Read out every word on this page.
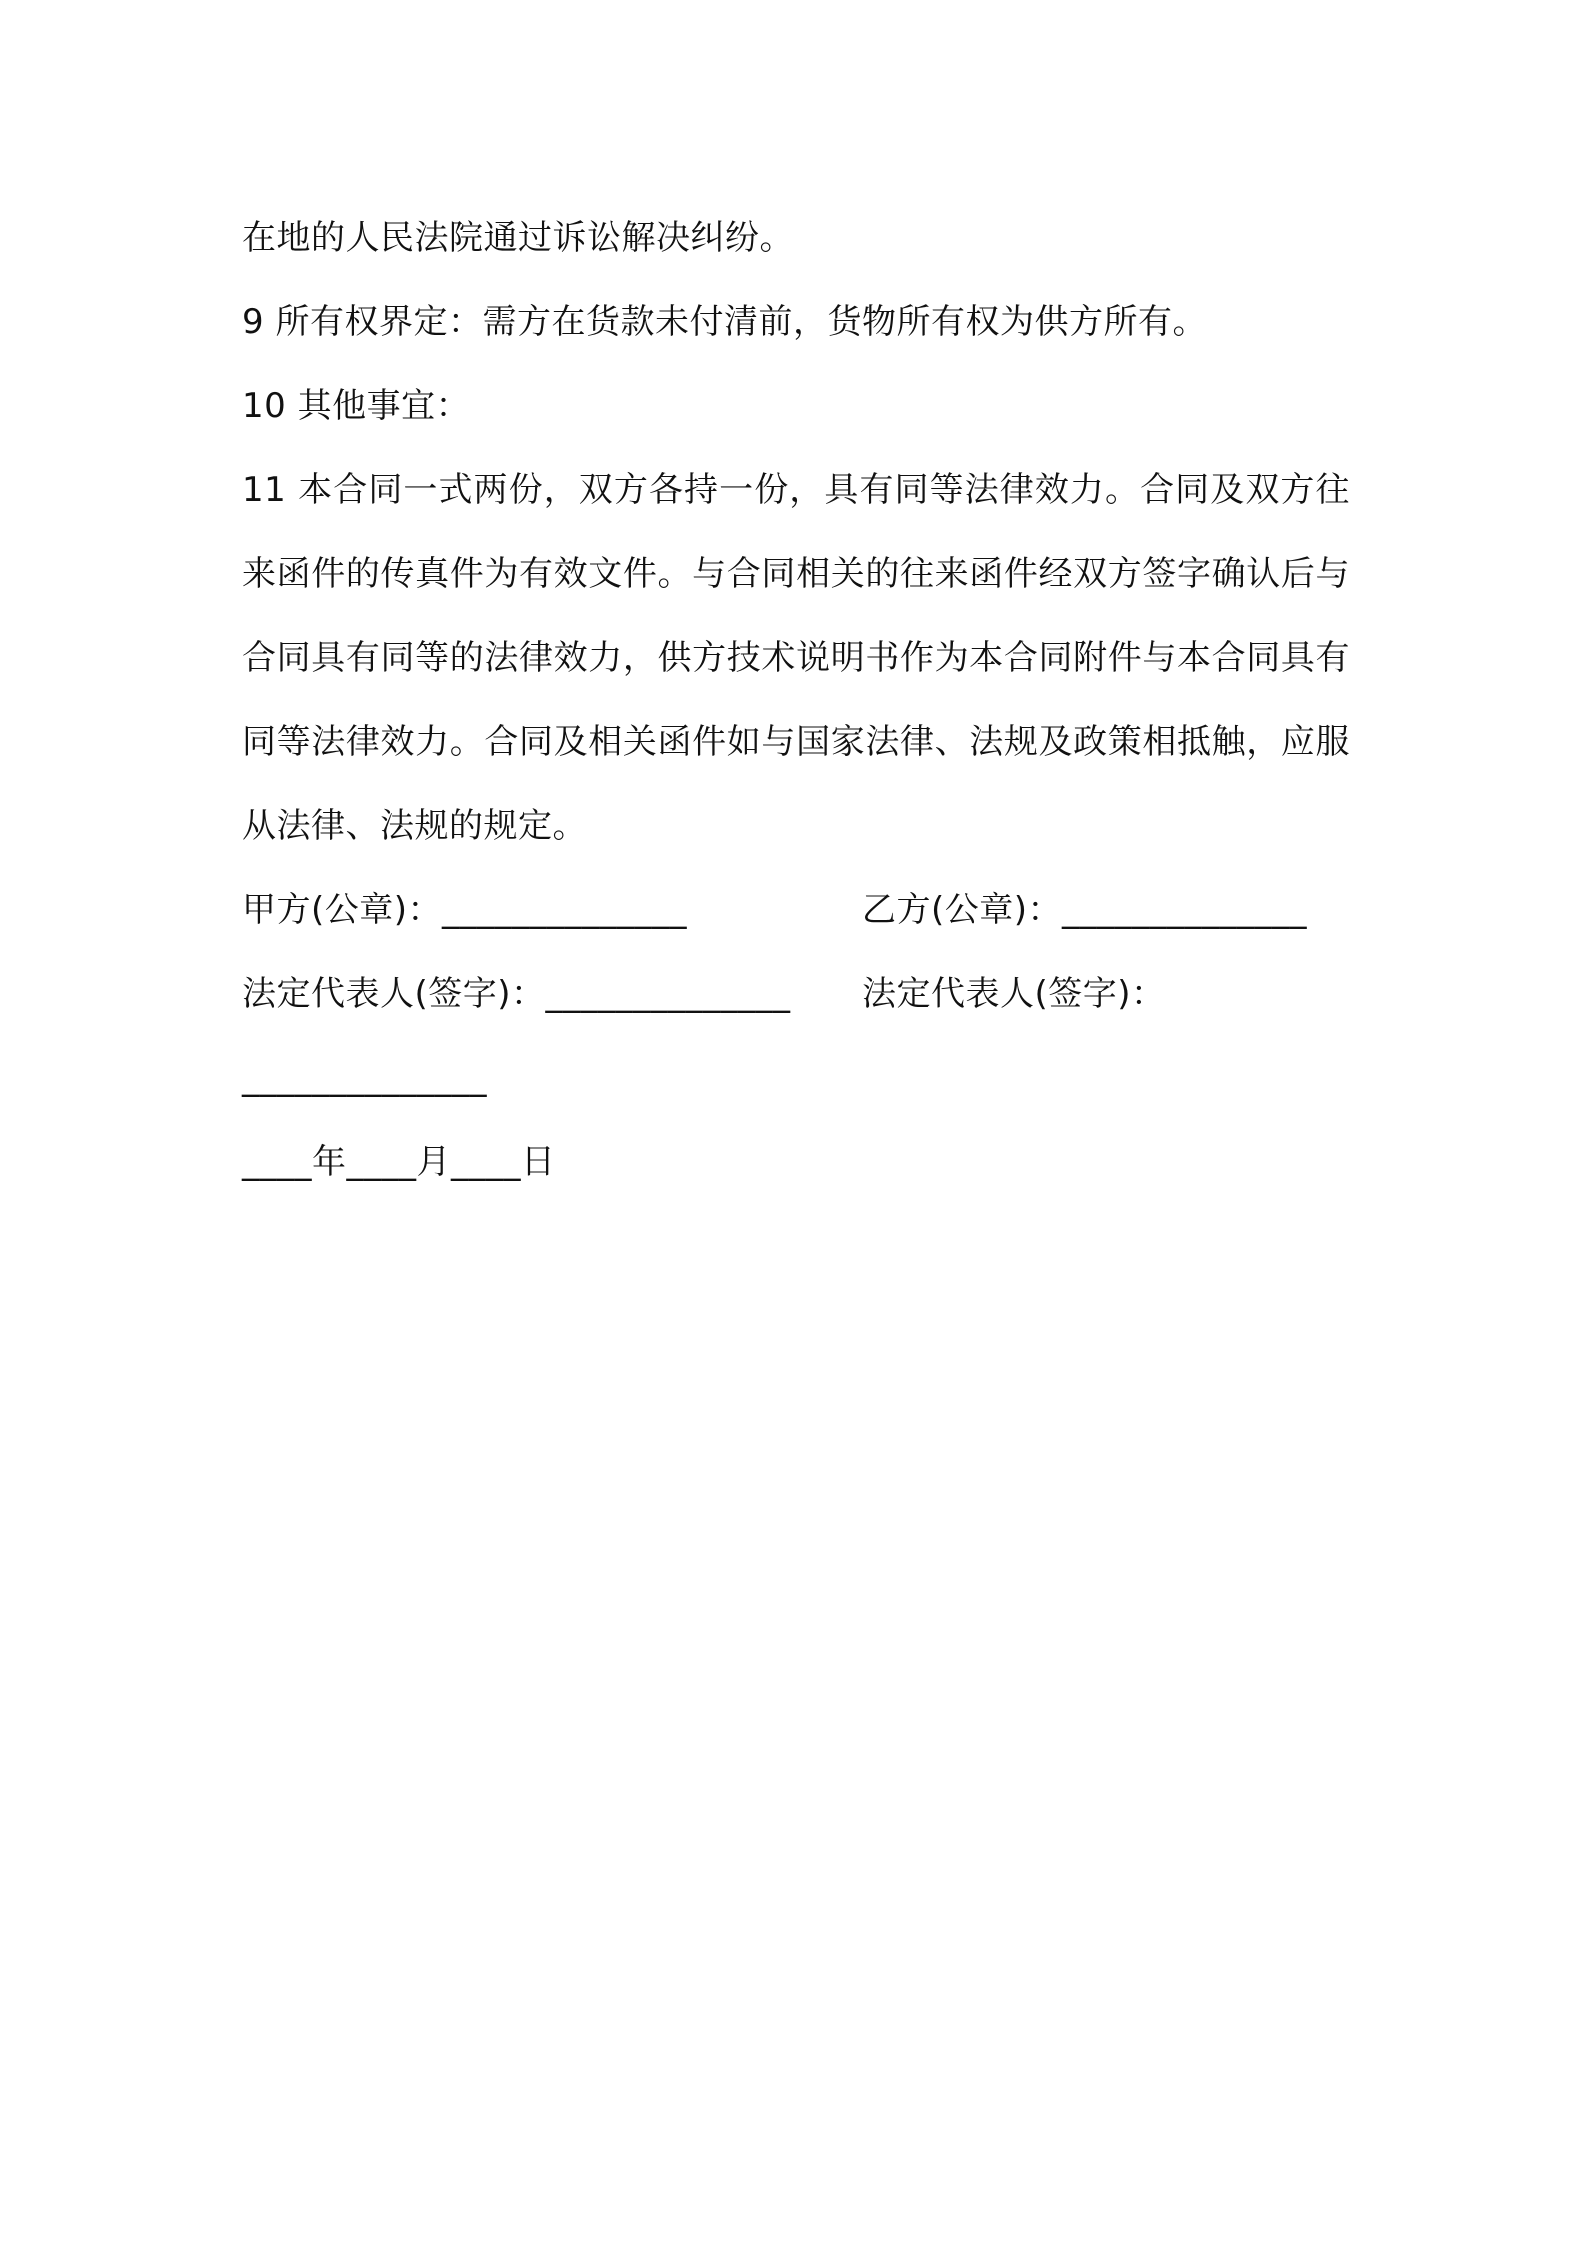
在地的人民法院通过诉讼解决纠纷。
9 所有权界定：需方在货款未付清前，货物所有权为供方所有。
10 其他事宜：

11 本合同一式两份，双方各持一份，具有同等法律效力。合同及双方往来函件的传真件为有效文件。与合同相关的往来函件经双方签字确认后与合同具有同等的法律效力，供方技术说明书作为本合同附件与本合同具有同等法律效力。合同及相关函件如与国家法律、法规及政策相抵触，应服从法律、法规的规定。

甲方(公章)：______________	乙方(公章)：______________
法定代表人(签字)：______________ 法定代表人(签字)：
______________
____年____月____日
